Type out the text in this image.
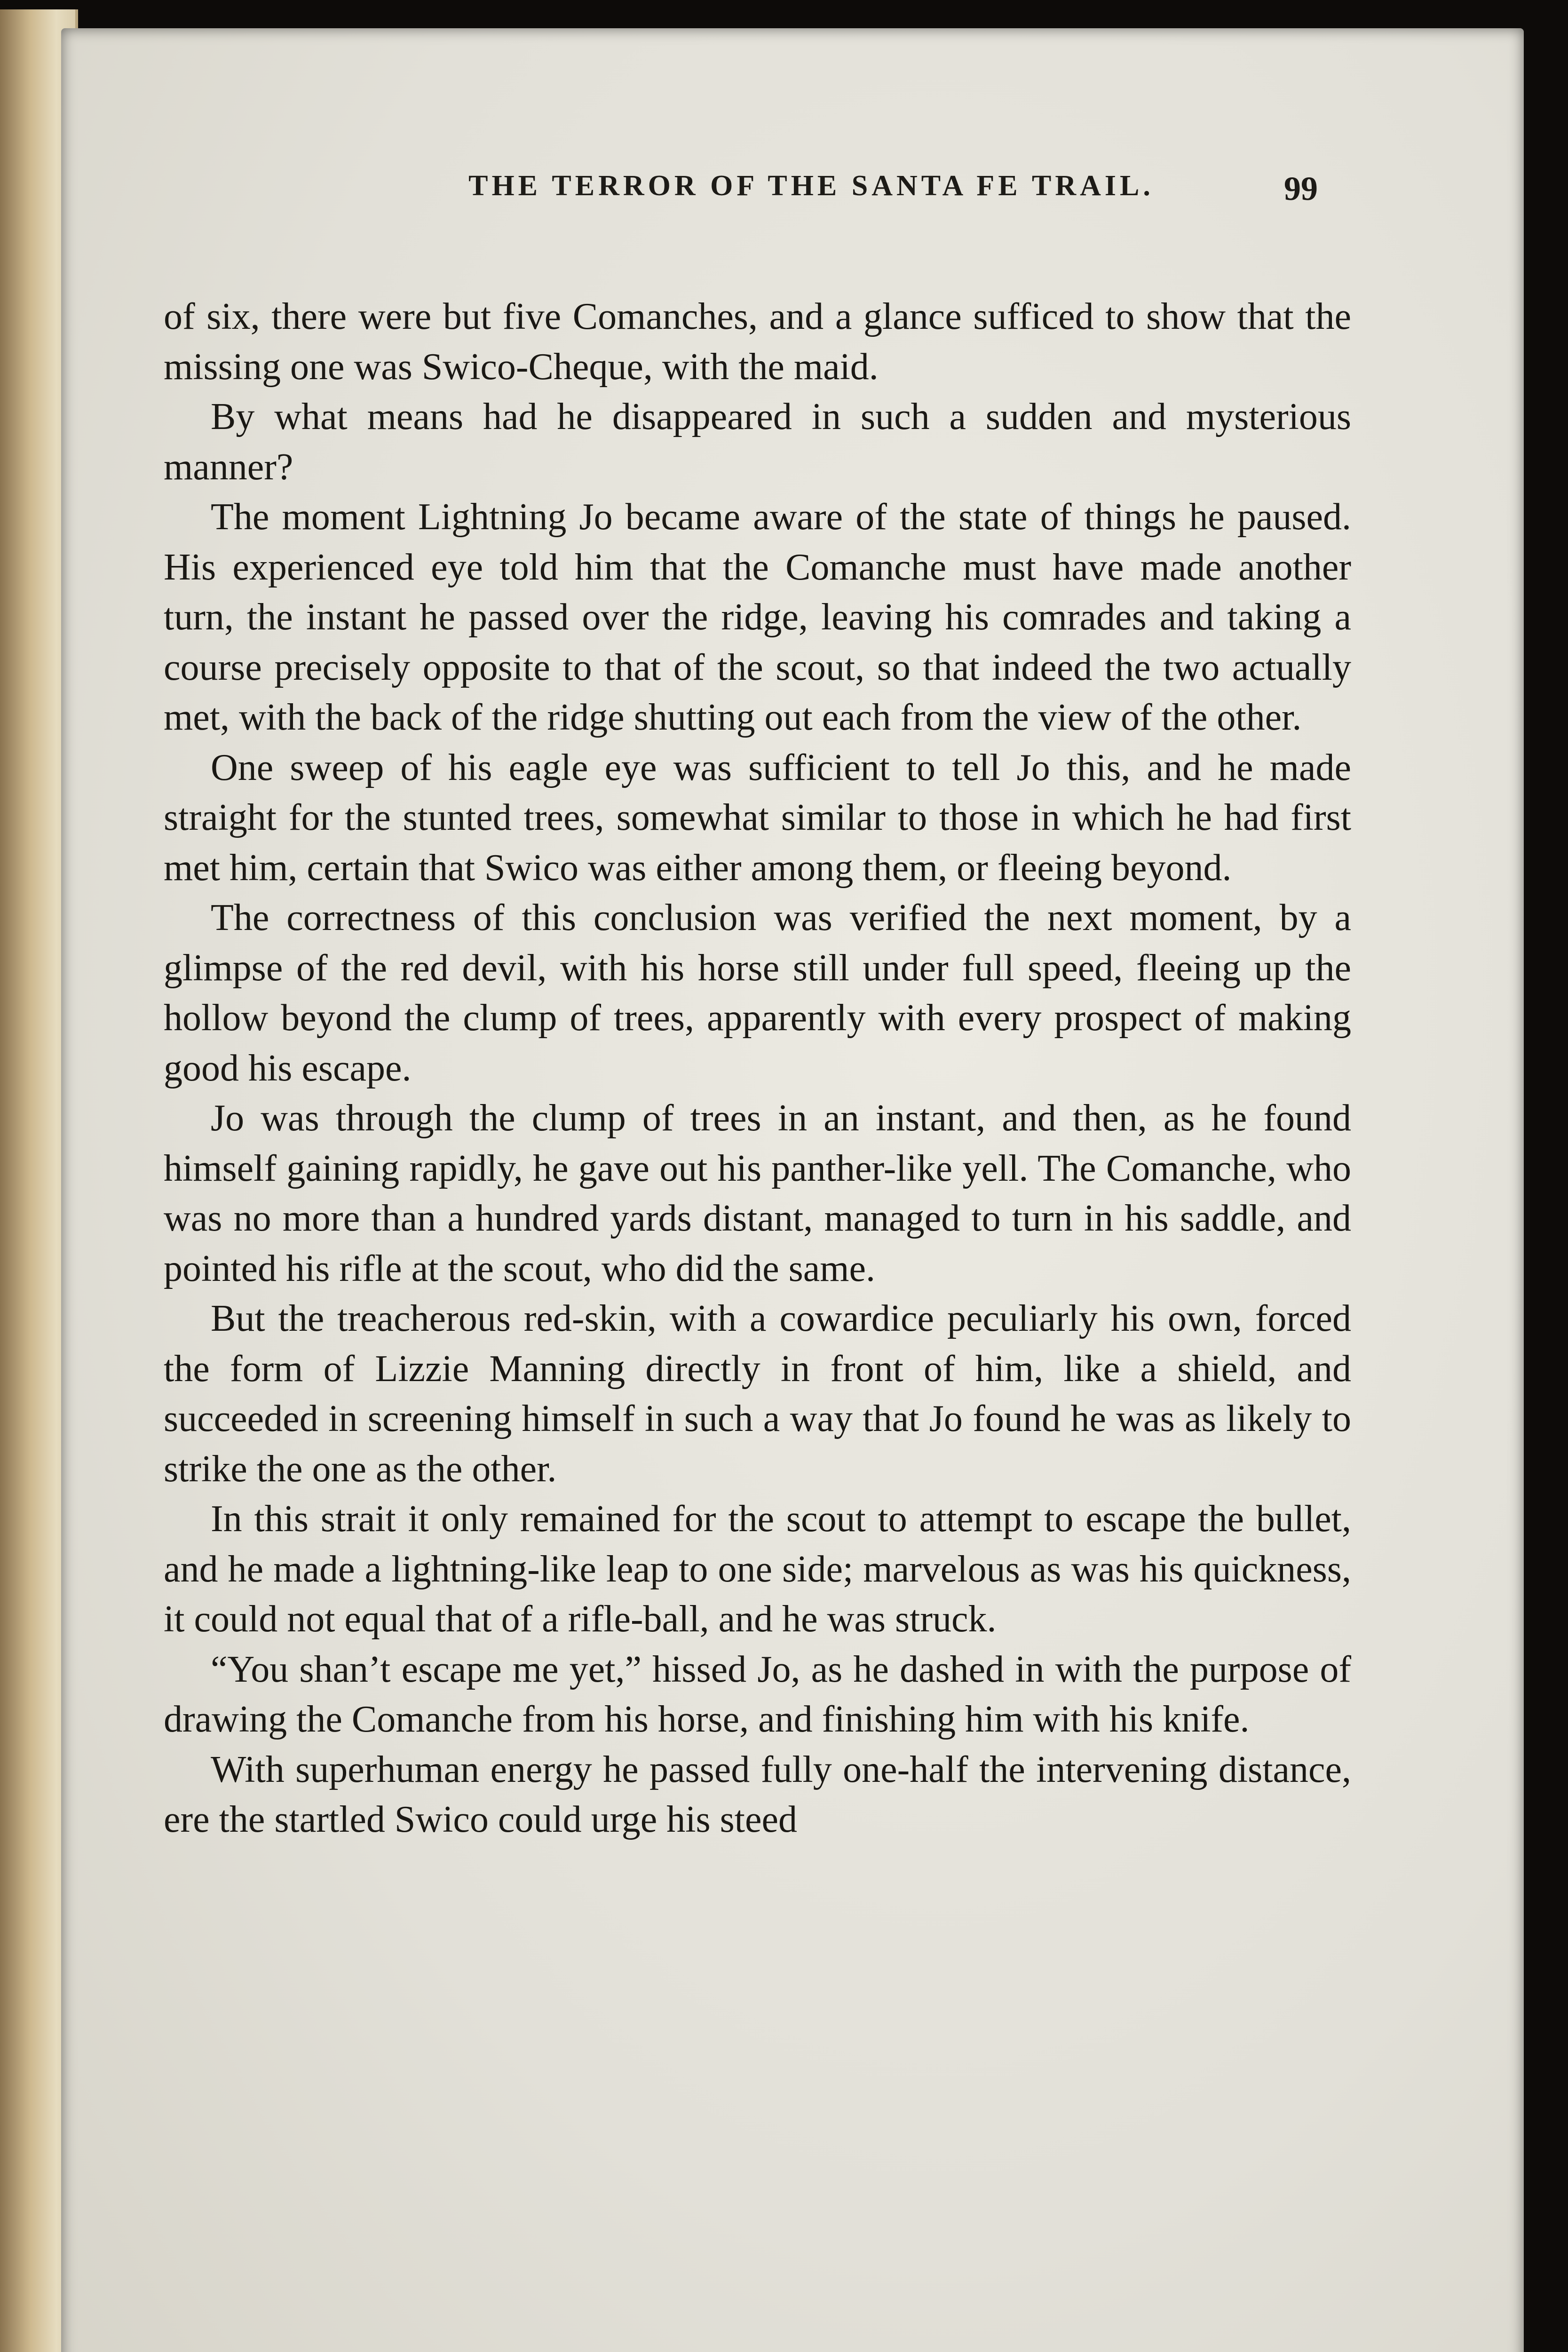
THE TERROR OF THE SANTA FE TRAIL.	99

of six, there were but five Comanches, and a glance sufficed to show that the missing one was Swico-Cheque, with the maid.

By what means had he disappeared in such a sudden and mysterious manner?

The moment Lightning Jo became aware of the state of things he paused. His experienced eye told him that the Comanche must have made another turn, the instant he passed over the ridge, leaving his comrades and taking a course precisely opposite to that of the scout, so that indeed the two actually met, with the back of the ridge shutting out each from the view of the other.

One sweep of his eagle eye was sufficient to tell Jo this, and he made straight for the stunted trees, somewhat similar to those in which he had first met him, certain that Swico was either among them, or fleeing beyond.

The correctness of this conclusion was verified the next moment, by a glimpse of the red devil, with his horse still under full speed, fleeing up the hollow beyond the clump of trees, apparently with every prospect of making good his escape.

Jo was through the clump of trees in an instant, and then, as he found himself gaining rapidly, he gave out his panther-like yell. The Comanche, who was no more than a hundred yards distant, managed to turn in his saddle, and pointed his rifle at the scout, who did the same.

But the treacherous red-skin, with a cowardice peculiarly his own, forced the form of Lizzie Manning directly in front of him, like a shield, and succeeded in screening himself in such a way that Jo found he was as likely to strike the one as the other.

In this strait it only remained for the scout to attempt to escape the bullet, and he made a lightning-like leap to one side; marvelous as was his quickness, it could not equal that of a rifle-ball, and he was struck.

“You shan’t escape me yet,” hissed Jo, as he dashed in with the purpose of drawing the Comanche from his horse, and finishing him with his knife.

With superhuman energy he passed fully one-half the intervening distance, ere the startled Swico could urge his steed
